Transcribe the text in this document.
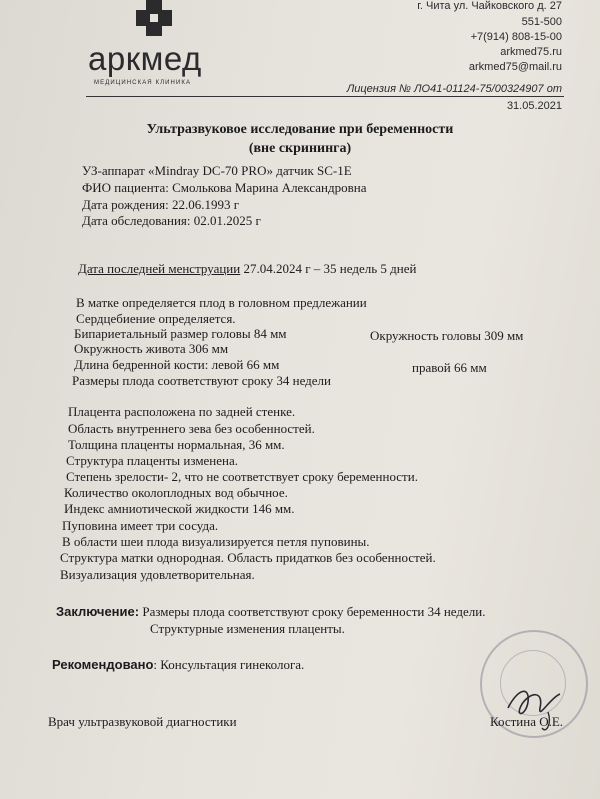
аркмед
МЕДИЦИНСКАЯ КЛИНИКА
г. Чита ул. Чайковского д. 27
551-500
+7(914) 808-15-00
arkmed75.ru
arkmed75@mail.ru
Лицензия № ЛО41-01124-75/00324907 от
31.05.2021
Ультразвуковое исследование при беременности
(вне скрининга)
УЗ-аппарат «Mindray DC-70 PRO» датчик SC-1E
ФИО пациента: Смолькова Марина Александровна
Дата рождения: 22.06.1993 г
Дата обследования: 02.01.2025 г
Дата последней менструации 27.04.2024 г – 35 недель 5 дней
В матке определяется плод в головном предлежании
Сердцебиение определяется.
Бипариетальный размер головы 84 мм	Окружность головы 309 мм
Окружность живота 306 мм
Длина бедренной кости: левой 66 мм	правой 66 мм
Размеры плода соответствуют сроку 34 недели
Плацента расположена по задней стенке.
Область внутреннего зева без особенностей.
Толщина плаценты нормальная, 36 мм.
Структура плаценты изменена.
Степень зрелости- 2, что не соответствует сроку беременности.
Количество околоплодных вод обычное.
Индекс амниотической жидкости 146 мм.
Пуповина имеет три сосуда.
В области шеи плода визуализируется петля пуповины.
Структура матки однородная. Область придатков без особенностей.
Визуализация удовлетворительная.
Заключение: Размеры плода соответствуют сроку беременности 34 недели.
Структурные изменения плаценты.
Рекомендовано: Консультация гинеколога.
Врач ультразвуковой диагностики	Костина О.Е.
